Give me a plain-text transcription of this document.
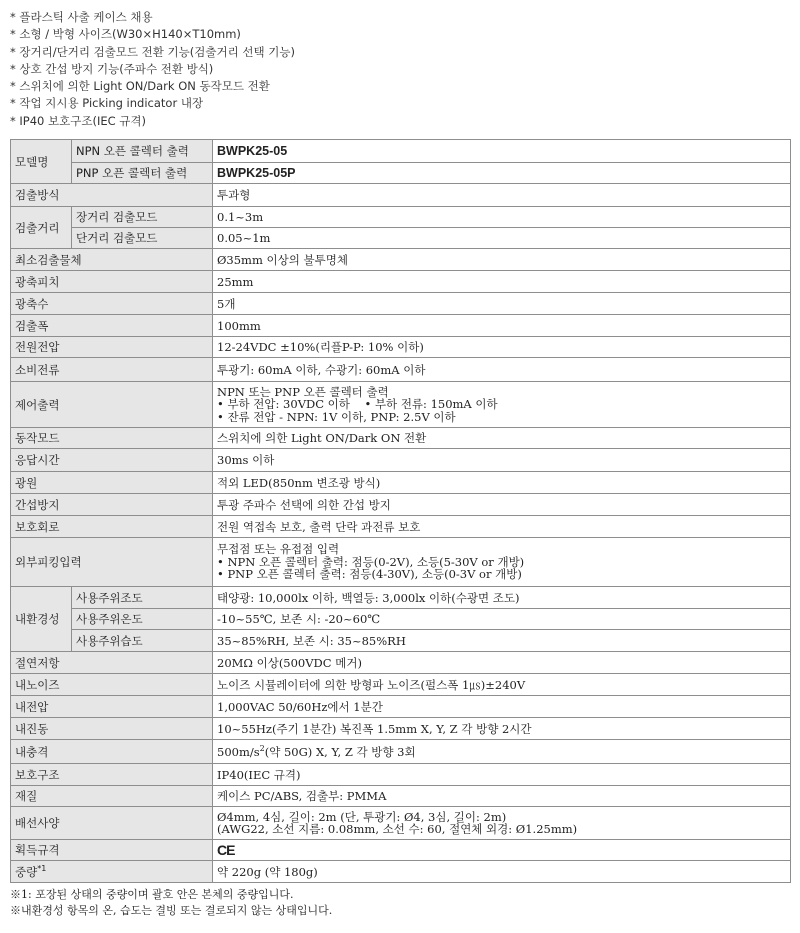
* 플라스틱 사출 케이스 채용
* 소형 / 박형 사이즈(W30×H140×T10mm)
* 장거리/단거리 검출모드 전환 기능(검출거리 선택 기능)
* 상호 간섭 방지 기능(주파수 전환 방식)
* 스위치에 의한 Light ON/Dark ON 동작모드 전환
* 작업 지시용 Picking indicator 내장
* IP40 보호구조(IEC 규격)
모델명	NPN 오픈 콜렉터 출력	BWPK25-05
	PNP 오픈 콜렉터 출력	BWPK25-05P
검출방식		투과형
검출거리	장거리 검출모드	0.1~3m
	단거리 검출모드	0.05~1m
최소검출물체		Ø35mm 이상의 불투명체
광축피치		25mm
광축수		5개
검출폭		100mm
전원전압		12-24VDC ±10%(리플P-P: 10% 이하)
소비전류		투광기: 60mA 이하, 수광기: 60mA 이하
제어출력		NPN 또는 PNP 오픈 콜렉터 출력
• 부하 전압: 30VDC 이하    • 부하 전류: 150mA 이하
• 잔류 전압 - NPN: 1V 이하, PNP: 2.5V 이하

동작모드		스위치에 의한 Light ON/Dark ON 전환
응답시간		30ms 이하
광원		적외 LED(850nm 변조광 방식)
간섭방지		투광 주파수 선택에 의한 간섭 방지
보호회로		전원 역접속 보호, 출력 단락 과전류 보호
외부피킹입력		무접점 또는 유접점 입력
• NPN 오픈 콜렉터 출력: 점등(0-2V), 소등(5-30V or 개방)
• PNP 오픈 콜렉터 출력: 점등(4-30V), 소등(0-3V or 개방)

내환경성	사용주위조도	태양광: 10,000lx 이하, 백열등: 3,000lx 이하(수광면 조도)
	사용주위온도	-10~55℃, 보존 시: -20~60℃
	사용주위습도	35~85%RH, 보존 시: 35~85%RH
절연저항		20MΩ 이상(500VDC 메거)
내노이즈		노이즈 시뮬레이터에 의한 방형파 노이즈(펄스폭 1㎲)±240V
내전압		1,000VAC 50/60Hz에서 1분간
내진동		10~55Hz(주기 1분간) 복진폭 1.5mm X, Y, Z 각 방향 2시간
내충격		$500m/s^2$(약 50G) X, Y, Z 각 방향 3회
보호구조		IP40(IEC 규격)
재질		케이스 PC/ABS, 검출부: PMMA
배선사양		Ø4mm, 4심, 길이: 2m (단, 투광기: Ø4, 3심, 길이: 2m)
(AWG22, 소선 지름: 0.08mm, 소선 수: 60, 절연체 외경: Ø1.25mm)

획득규격		CE
중량$^{*1}$		약 220g (약 180g)
※1: 포장된 상태의 중량이며 괄호 안은 본체의 중량입니다.
※내환경성 항목의 온, 습도는 결빙 또는 결로되지 않는 상태입니다.
